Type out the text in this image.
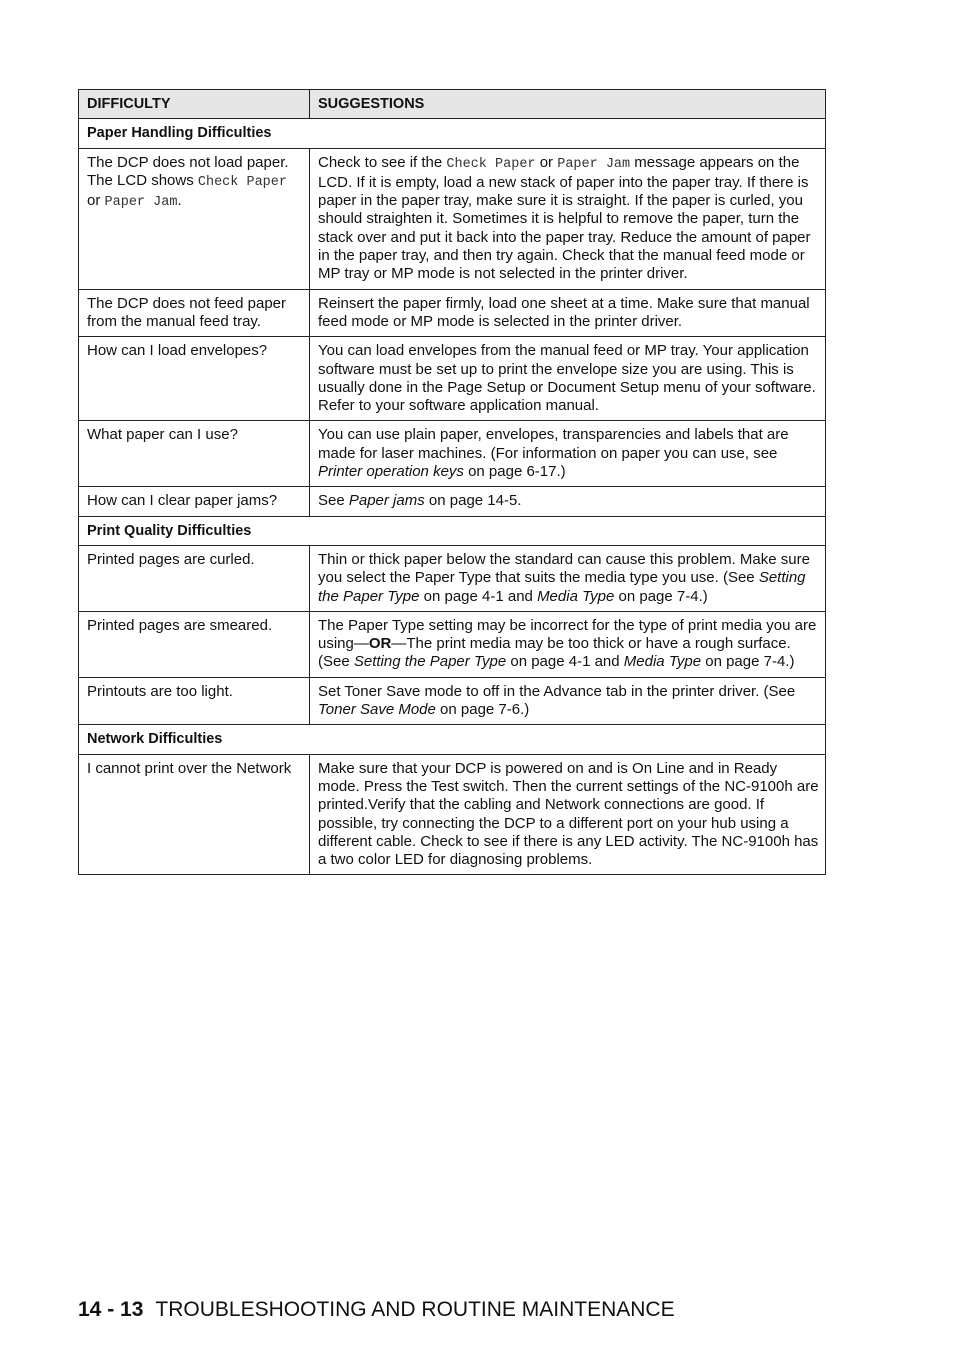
DIFFICULTY	SUGGESTIONS
Paper Handling Difficulties	
The DCP does not load paper. The LCD shows Check Paper or Paper Jam.	Check to see if the Check Paper or Paper Jam message appears on the LCD. If it is empty, load a new stack of paper into the paper tray. If there is paper in the paper tray, make sure it is straight. If the paper is curled, you should straighten it. Sometimes it is helpful to remove the paper, turn the stack over and put it back into the paper tray. Reduce the amount of paper in the paper tray, and then try again. Check that the manual feed mode or MP tray or MP mode is not selected in the printer driver.
The DCP does not feed paper from the manual feed tray.	Reinsert the paper firmly, load one sheet at a time. Make sure that manual feed mode or MP mode is selected in the printer driver.
How can I load envelopes?	You can load envelopes from the manual feed or MP tray. Your application software must be set up to print the envelope size you are using. This is usually done in the Page Setup or Document Setup menu of your software. Refer to your software application manual.
What paper can I use?	You can use plain paper, envelopes, transparencies and labels that are made for laser machines. (For information on paper you can use, see Printer operation keys on page 6-17.)
How can I clear paper jams?	See Paper jams on page 14-5.
Print Quality Difficulties	
Printed pages are curled.	Thin or thick paper below the standard can cause this problem. Make sure you select the Paper Type that suits the media type you use. (See Setting the Paper Type on page 4-1 and Media Type on page 7-4.)
Printed pages are smeared.	The Paper Type setting may be incorrect for the type of print media you are using—OR—The print media may be too thick or have a rough surface. (See Setting the Paper Type on page 4-1 and Media Type on page 7-4.)
Printouts are too light.	Set Toner Save mode to off in the Advance tab in the printer driver. (See Toner Save Mode on page 7-6.)
Network Difficulties	
I cannot print over the Network	Make sure that your DCP is powered on and is On Line and in Ready mode. Press the Test switch. Then the current settings of the NC-9100h are printed.Verify that the cabling and Network connections are good. If possible, try connecting the DCP to a different port on your hub using a different cable. Check to see if there is any LED activity. The NC-9100h has a two color LED for diagnosing problems.
14 - 13 TROUBLESHOOTING AND ROUTINE MAINTENANCE
